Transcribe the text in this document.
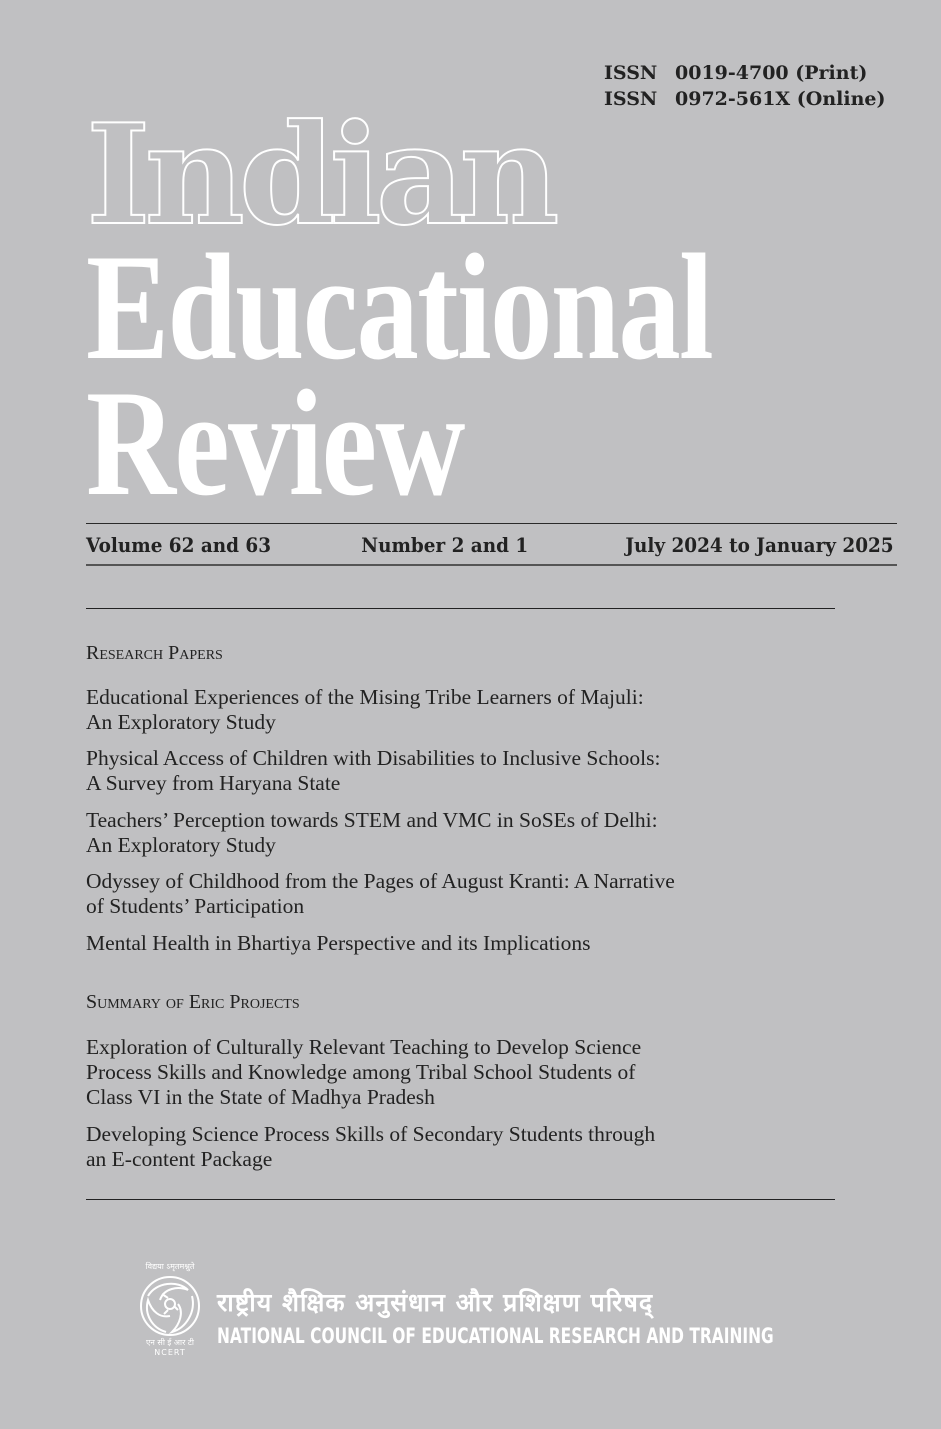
ISSN 0019-4700 (Print)
ISSN 0972-561X (Online)
Indian
Educational
Review
Volume 62 and 63	Number 2 and 1	July 2024 to January 2025
Research Papers
Educational Experiences of the Mising Tribe Learners of Majuli:
An Exploratory Study
Physical Access of Children with Disabilities to Inclusive Schools:
A Survey from Haryana State
Teachers’ Perception towards STEM and VMC in SoSEs of Delhi:
An Exploratory Study
Odyssey of Childhood from the Pages of August Kranti: A Narrative
of Students’ Participation
Mental Health in Bhartiya Perspective and its Implications
Summary of Eric Projects
Exploration of Culturally Relevant Teaching to Develop Science
Process Skills and Knowledge among Tribal School Students of
Class VI in the State of Madhya Pradesh
Developing Science Process Skills of Secondary Students through
an E-content Package
विद्यया ऽमृतमश्नुते
एन सी ई आर टी
NCERT
राष्ट्रीय शैक्षिक अनुसंधान और प्रशिक्षण परिषद्
NATIONAL COUNCIL OF EDUCATIONAL RESEARCH AND TRAINING
